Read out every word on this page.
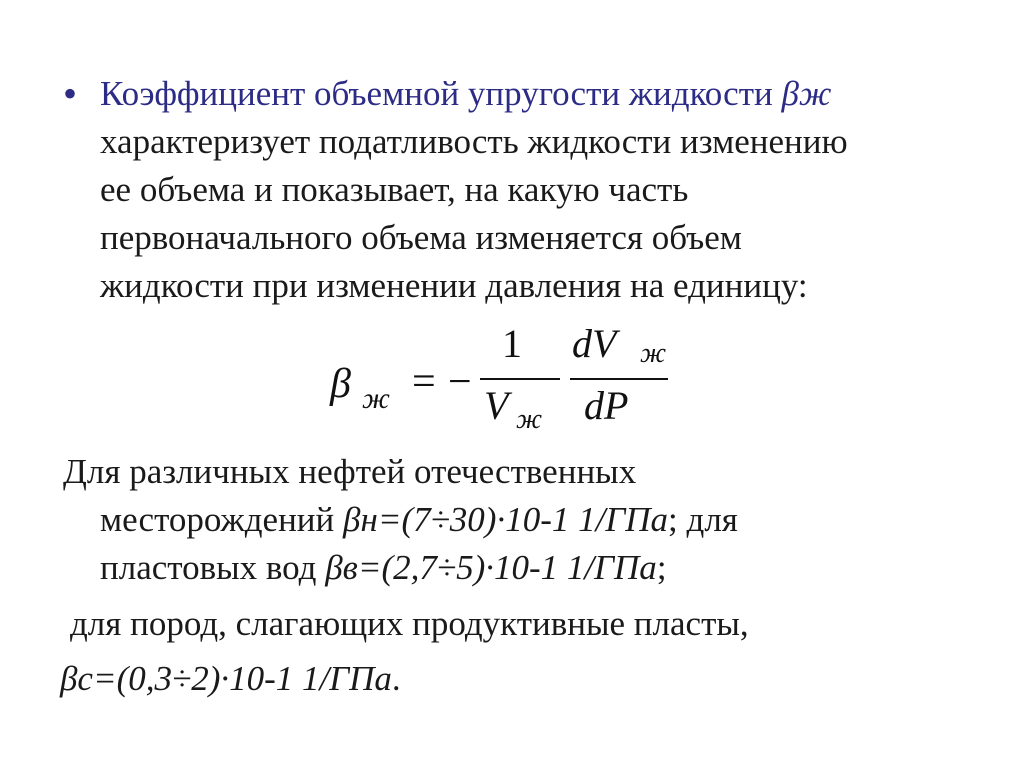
• Коэффициент объемной упругости жидкости βж
характеризует податливость жидкости изменению
ее объема и показывает, на какую часть
первоначального объема изменяется объем
жидкости при изменении давления на единицу:
β ж = −
1
V ж
dV ж
dP
Для различных нефтей отечественных
месторождений βн=(7÷30)·10-1 1/ГПа; для
пластовых вод βв=(2,7÷5)·10-1 1/ГПа;
для пород, слагающих продуктивные пласты,
βс=(0,3÷2)·10-1 1/ГПа.
